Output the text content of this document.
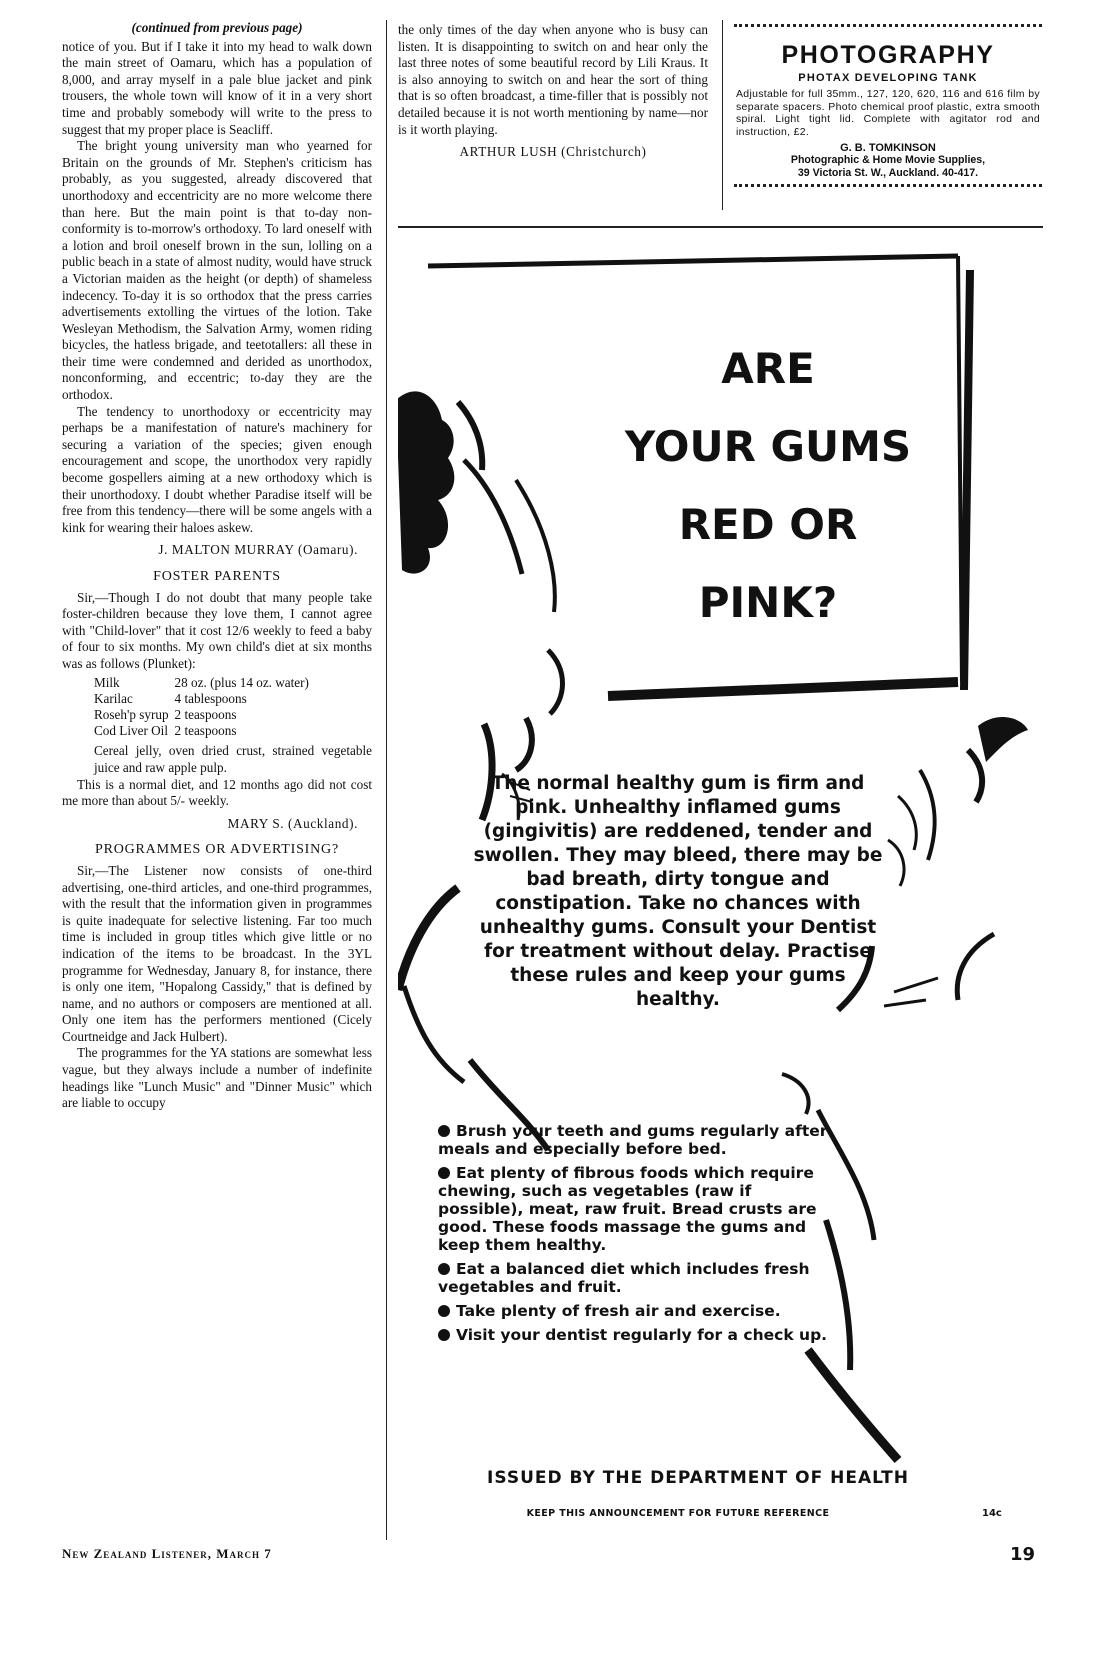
(continued from previous page)

notice of you. But if I take it into my head to walk down the main street of Oamaru, which has a population of 8,000, and array myself in a pale blue jacket and pink trousers, the whole town will know of it in a very short time and probably somebody will write to the press to suggest that my proper place is Seacliff.

The bright young university man who yearned for Britain on the grounds of Mr. Stephen's criticism has probably, as you suggested, already discovered that unorthodoxy and eccentricity are no more welcome there than here. But the main point is that to-day non-conformity is to-morrow's orthodoxy. To lard oneself with a lotion and broil oneself brown in the sun, lolling on a public beach in a state of almost nudity, would have struck a Victorian maiden as the height (or depth) of shameless indecency. To-day it is so orthodox that the press carries advertisements extolling the virtues of the lotion. Take Wesleyan Methodism, the Salvation Army, women riding bicycles, the hatless brigade, and teetotallers: all these in their time were condemned and derided as unorthodox, nonconforming, and eccentric; to-day they are the orthodox.

The tendency to unorthodoxy or eccentricity may perhaps be a manifestation of nature's machinery for securing a variation of the species; given enough encouragement and scope, the unorthodox very rapidly become gospellers aiming at a new orthodoxy which is their unorthodoxy. I doubt whether Paradise itself will be free from this tendency—there will be some angels with a kink for wearing their haloes askew.

J. MALTON MURRAY (Oamaru).
FOSTER PARENTS

Sir,—Though I do not doubt that many people take foster-children because they love them, I cannot agree with "Child-lover" that it cost 12/6 weekly to feed a baby of four to six months. My own child's diet at six months was as follows (Plunket):

Milk	28 oz. (plus 14 oz. water)
Karilac	4 tablespoons
Roseh'p syrup	2 teaspoons
Cod Liver Oil	2 teaspoons
Cereal jelly, oven dried crust, strained vegetable juice and raw apple pulp.

This is a normal diet, and 12 months ago did not cost me more than about 5/- weekly.

MARY S. (Auckland).
PROGRAMMES OR ADVERTISING?

Sir,—The Listener now consists of one-third advertising, one-third articles, and one-third programmes, with the result that the information given in programmes is quite inadequate for selective listening. Far too much time is included in group titles which give little or no indication of the items to be broadcast. In the 3YL programme for Wednesday, January 8, for instance, there is only one item, "Hopalong Cassidy," that is defined by name, and no authors or composers are mentioned at all. Only one item has the performers mentioned (Cicely Courtneidge and Jack Hulbert).

The programmes for the YA stations are somewhat less vague, but they always include a number of indefinite headings like "Lunch Music" and "Dinner Music" which are liable to occupy

New Zealand Listener, March 7

the only times of the day when anyone who is busy can listen. It is disappointing to switch on and hear only the last three notes of some beautiful record by Lili Kraus. It is also annoying to switch on and hear the sort of thing that is so often broadcast, a time-filler that is possibly not detailed because it is not worth mentioning by name—nor is it worth playing.

ARTHUR LUSH (Christchurch)
PHOTOGRAPHY
PHOTAX DEVELOPING TANK
Adjustable for full 35mm., 127, 120, 620, 116 and 616 film by separate spacers. Photo chemical proof plastic, extra smooth spiral. Light tight lid. Complete with agitator rod and instruction, £2.
G. B. TOMKINSON
Photographic & Home Movie Supplies,
39 Victoria St. W., Auckland. 40-417.
ARE
YOUR GUMS
RED OR
PINK?
The normal healthy gum is firm and pink. Unhealthy inflamed gums (gingivitis) are reddened, tender and swollen. They may bleed, there may be bad breath, dirty tongue and constipation. Take no chances with unhealthy gums. Consult your Dentist for treatment without delay. Practise these rules and keep your gums healthy.
Brush your teeth and gums regularly after meals and especially before bed.
Eat plenty of fibrous foods which require chewing, such as vegetables (raw if possible), meat, raw fruit. Bread crusts are good. These foods massage the gums and keep them healthy.
Eat a balanced diet which includes fresh vegetables and fruit.
Take plenty of fresh air and exercise.
Visit your dentist regularly for a check up.
ISSUED BY THE DEPARTMENT OF HEALTH
KEEP THIS ANNOUNCEMENT FOR FUTURE REFERENCE	14c
19
